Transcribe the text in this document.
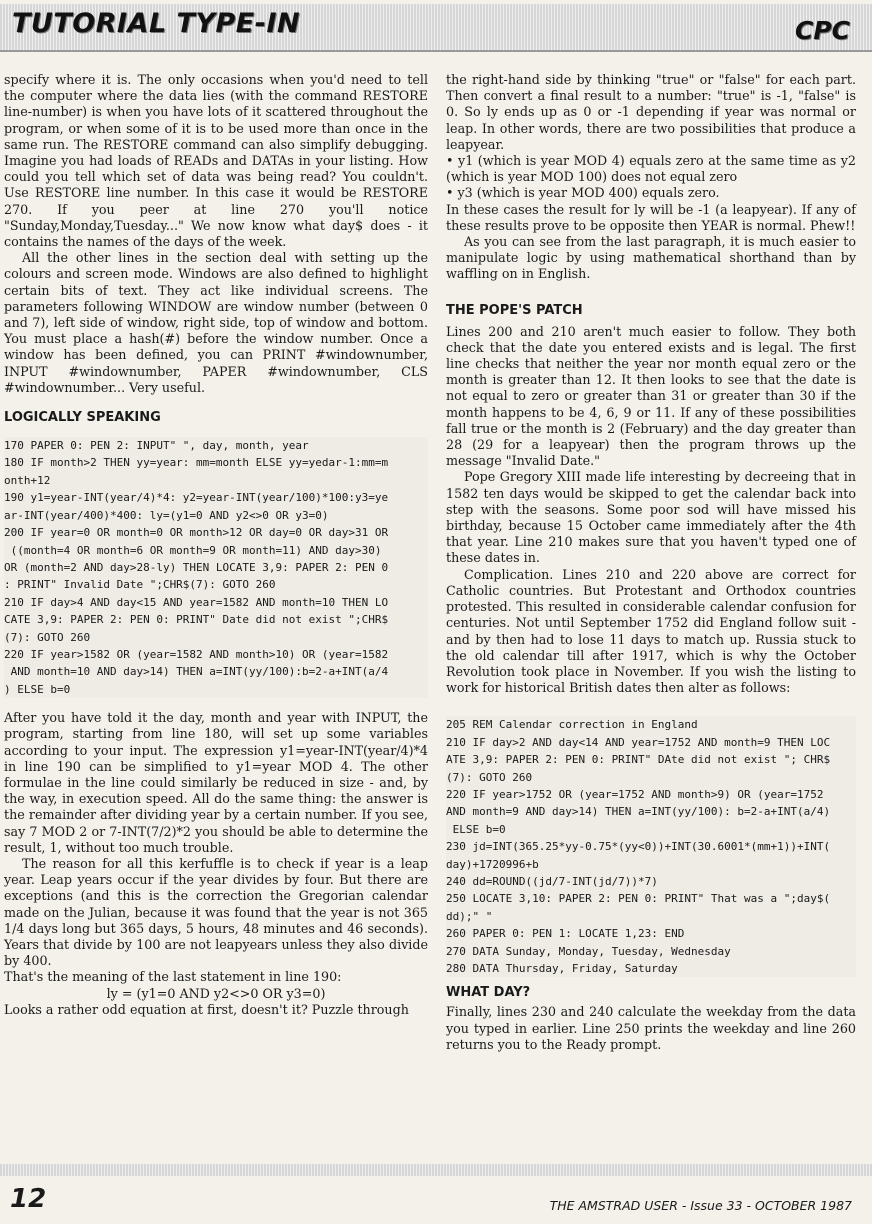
TUTORIAL TYPE-IN	CPC

specify where it is. The only occasions when you'd need to tell the computer where the data lies (with the command RESTORE line-number) is when you have lots of it scattered throughout the program, or when some of it is to be used more than once in the same run. The RESTORE command can also simplify debugging. Imagine you had loads of READs and DATAs in your listing. How could you tell which set of data was being read? You couldn't. Use RESTORE line number. In this case it would be RESTORE 270. If you peer at line 270 you'll notice "Sunday,Monday,Tuesday..." We now know what day$ does - it contains the names of the days of the week.

All the other lines in the section deal with setting up the colours and screen mode. Windows are also defined to highlight certain bits of text. They act like individual screens. The parameters following WINDOW are window number (between 0 and 7), left side of window, right side, top of window and bottom. You must place a hash(#) before the window number. Once a window has been defined, you can PRINT #windownumber, INPUT #windownumber, PAPER #windownumber, CLS #windownumber... Very useful.

LOGICALLY SPEAKING
170 PAPER 0: PEN 2: INPUT" ", day, month, year
180 IF month>2 THEN yy=year: mm=month ELSE yy=yedar-1:mm=m
onth+12
190 y1=year-INT(year/4)*4: y2=year-INT(year/100)*100:y3=ye
ar-INT(year/400)*400: ly=(y1=0 AND y2<>0 OR y3=0)
200 IF year=0 OR month=0 OR month>12 OR day=0 OR day>31 OR
((month=4 OR month=6 OR month=9 OR month=11) AND day>30)
OR (month=2 AND day>28-ly) THEN LOCATE 3,9: PAPER 2: PEN 0
: PRINT" Invalid Date ";CHR$(7): GOTO 260
210 IF day>4 AND day<15 AND year=1582 AND month=10 THEN LO
CATE 3,9: PAPER 2: PEN 0: PRINT" Date did not exist ";CHR$
(7): GOTO 260
220 IF year>1582 OR (year=1582 AND month>10) OR (year=1582
AND month=10 AND day>14) THEN a=INT(yy/100):b=2-a+INT(a/4
) ELSE b=0

After you have told it the day, month and year with INPUT, the program, starting from line 180, will set up some variables according to your input. The expression y1=year-INT(year/4)*4 in line 190 can be simplified to y1=year MOD 4. The other formulae in the line could similarly be reduced in size - and, by the way, in execution speed. All do the same thing: the answer is the remainder after dividing year by a certain number. If you see, say 7 MOD 2 or 7-INT(7/2)*2 you should be able to determine the result, 1, without too much trouble.

The reason for all this kerfuffle is to check if year is a leap year. Leap years occur if the year divides by four. But there are exceptions (and this is the correction the Gregorian calendar made on the Julian, because it was found that the year is not 365 1/4 days long but 365 days, 5 hours, 48 minutes and 46 seconds). Years that divide by 100 are not leapyears unless they also divide by 400.

That's the meaning of the last statement in line 190:

ly = (y1=0 AND y2<>0 OR y3=0)

Looks a rather odd equation at first, doesn't it? Puzzle through

the right-hand side by thinking "true" or "false" for each part. Then convert a final result to a number: "true" is -1, "false" is 0. So ly ends up as 0 or -1 depending if year was normal or leap. In other words, there are two possibilities that produce a leapyear.

• y1 (which is year MOD 4) equals zero at the same time as y2 (which is year MOD 100) does not equal zero

• y3 (which is year MOD 400) equals zero.

In these cases the result for ly will be -1 (a leapyear). If any of these results prove to be opposite then YEAR is normal. Phew!!

As you can see from the last paragraph, it is much easier to manipulate logic by using mathematical shorthand than by waffling on in English.

THE POPE'S PATCH

Lines 200 and 210 aren't much easier to follow. They both check that the date you entered exists and is legal. The first line checks that neither the year nor month equal zero or the month is greater than 12. It then looks to see that the date is not equal to zero or greater than 31 or greater than 30 if the month happens to be 4, 6, 9 or 11. If any of these possibilities fall true or the month is 2 (February) and the day greater than 28 (29 for a leapyear) then the program throws up the message "Invalid Date."

Pope Gregory XIII made life interesting by decreeing that in 1582 ten days would be skipped to get the calendar back into step with the seasons. Some poor sod will have missed his birthday, because 15 October came immediately after the 4th that year. Line 210 makes sure that you haven't typed one of these dates in.

Complication. Lines 210 and 220 above are correct for Catholic countries. But Protestant and Orthodox countries protested. This resulted in considerable calendar confusion for centuries. Not until September 1752 did England follow suit - and by then had to lose 11 days to match up. Russia stuck to the old calendar till after 1917, which is why the October Revolution took place in November. If you wish the listing to work for historical British dates then alter as follows:

205 REM Calendar correction in England
210 IF day>2 AND day<14 AND year=1752 AND month=9 THEN LOC
ATE 3,9: PAPER 2: PEN 0: PRINT" DAte did not exist "; CHR$
(7): GOTO 260
220 IF year>1752 OR (year=1752 AND month>9) OR (year=1752
AND month=9 AND day>14) THEN a=INT(yy/100): b=2-a+INT(a/4)
ELSE b=0
230 jd=INT(365.25*yy-0.75*(yy<0))+INT(30.6001*(mm+1))+INT(
day)+1720996+b
240 dd=ROUND((jd/7-INT(jd/7))*7)
250 LOCATE 3,10: PAPER 2: PEN 0: PRINT" That was a ";day$(
dd);" "
260 PAPER 0: PEN 1: LOCATE 1,23: END
270 DATA Sunday, Monday, Tuesday, Wednesday
280 DATA Thursday, Friday, Saturday
WHAT DAY?

Finally, lines 230 and 240 calculate the weekday from the data you typed in earlier. Line 250 prints the weekday and line 260 returns you to the Ready prompt.

12	THE AMSTRAD USER - Issue 33 - OCTOBER 1987
